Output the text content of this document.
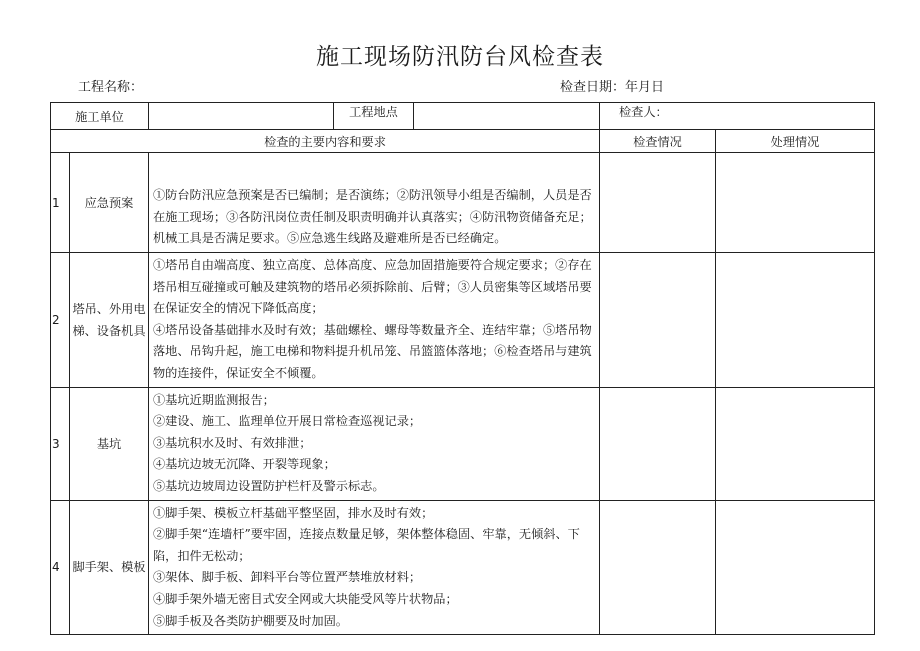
施工现场防汛防台风检查表
工程名称：	检查日期：年月日
施工单位			工程地点		检查人：	
检查的主要内容和要求					检查情况	处理情况
1	应急预案	①防台防汛应急预案是否已编制；是否演练；②防汛领导小组是否编制，人员是否在施工现场；③各防汛岗位责任制及职责明确并认真落实；④防汛物资储备充足；机械工具是否满足要求。⑤应急逃生线路及避难所是否已经确定。				

2	塔吊、外用电梯、设备机具	①塔吊自由端高度、独立高度、总体高度、应急加固措施要符合规定要求；②存在塔吊相互碰撞或可触及建筑物的塔吊必须拆除前、后臂；③人员密集等区域塔吊要在保证安全的情况下降低高度；
④塔吊设备基础排水及时有效；基础螺栓、螺母等数量齐全、连结牢靠；⑤塔吊物落地、吊钩升起，施工电梯和物料提升机吊笼、吊篮篮体落地；⑥检查塔吊与建筑物的连接件，保证安全不倾覆。				

3	基坑	①基坑近期监测报告；
②建设、施工、监理单位开展日常检查巡视记录；
③基坑积水及时、有效排泄；
④基坑边坡无沉降、开裂等现象；
⑤基坑边坡周边设置防护栏杆及警示标志。				

4	脚手架、模板	①脚手架、模板立杆基础平整坚固，排水及时有效；
②脚手架“连墙杆”要牢固，连接点数量足够，架体整体稳固、牢靠，无倾斜、下陷，扣件无松动；
③架体、脚手板、卸料平台等位置严禁堆放材料；
④脚手架外墙无密目式安全网或大块能受风等片状物品；
⑤脚手板及各类防护棚要及时加固。				
